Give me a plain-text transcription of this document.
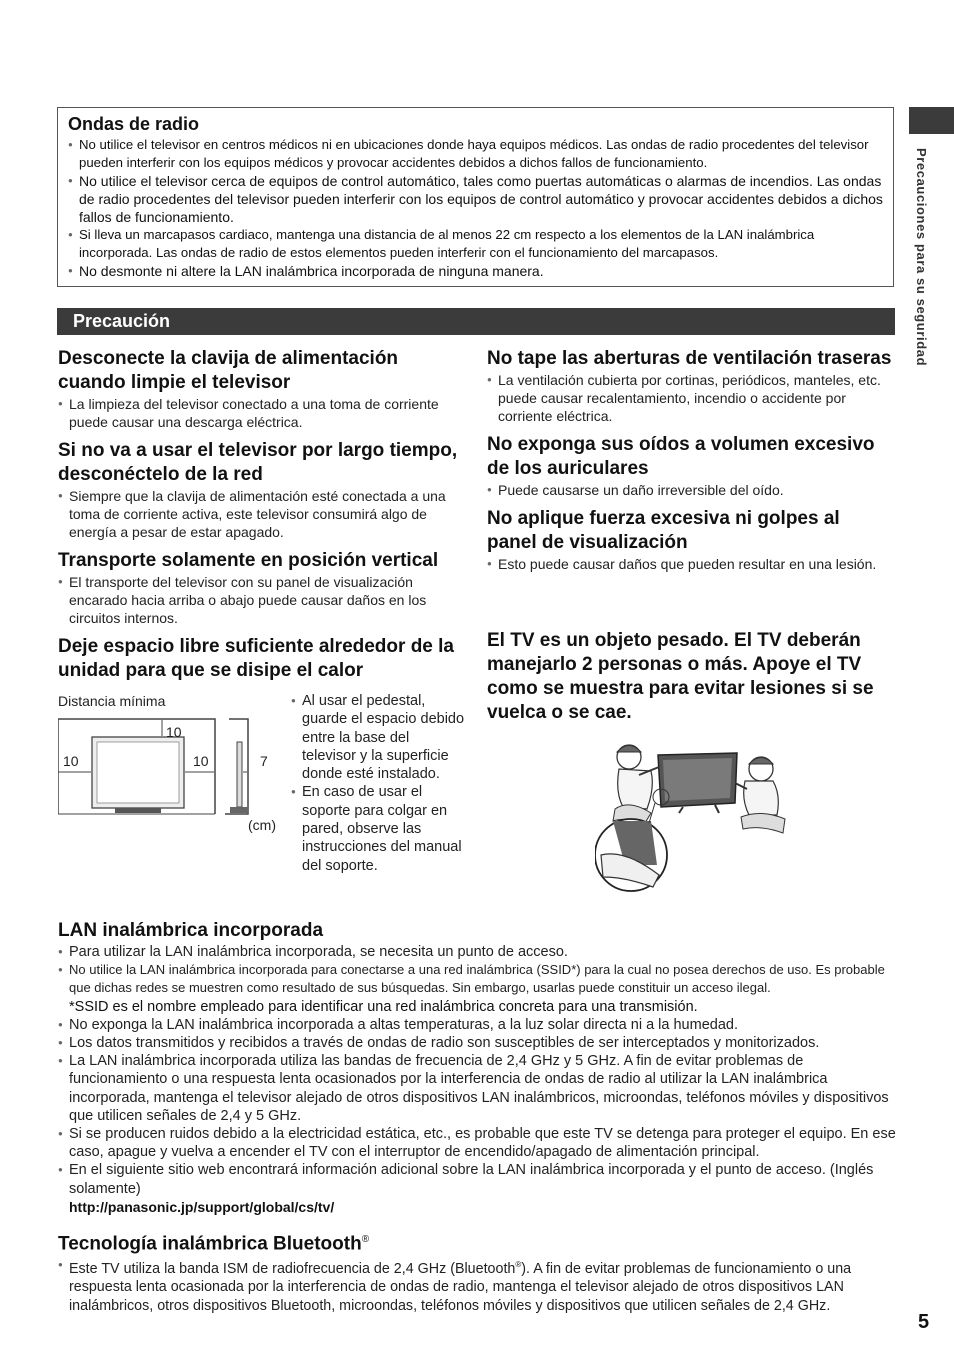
Precauciones para su seguridad
Ondas de radio
● No utilice el televisor en centros médicos ni en ubicaciones donde haya equipos médicos. Las ondas de radio procedentes del televisor pueden interferir con los equipos médicos y provocar accidentes debidos a dichos fallos de funcionamiento.
● No utilice el televisor cerca de equipos de control automático, tales como puertas automáticas o alarmas de incendios. Las ondas de radio procedentes del televisor pueden interferir con los equipos de control automático y provocar accidentes debidos a dichos fallos de funcionamiento.
● Si lleva un marcapasos cardiaco, mantenga una distancia de al menos 22 cm respecto a los elementos de la LAN inalámbrica incorporada. Las ondas de radio de estos elementos pueden interferir con el funcionamiento del marcapasos.
● No desmonte ni altere la LAN inalámbrica incorporada de ninguna manera.
Precaución
Desconecte la clavija de alimentación cuando limpie el televisor
● La limpieza del televisor conectado a una toma de corriente puede causar una descarga eléctrica.
Si no va a usar el televisor por largo tiempo, desconéctelo de la red
● Siempre que la clavija de alimentación esté conectada a una toma de corriente activa, este televisor consumirá algo de energía a pesar de estar apagado.
Transporte solamente en posición vertical
● El transporte del televisor con su panel de visualización encarado hacia arriba o abajo puede causar daños en los circuitos internos.
Deje espacio libre suficiente alrededor de la unidad para que se disipe el calor
Distancia mínima
10
10	10	7
(cm)
● Al usar el pedestal, guarde el espacio debido entre la base del televisor y la superficie donde esté instalado.
● En caso de usar el soporte para colgar en pared, observe las instrucciones del manual del soporte.
No tape las aberturas de ventilación traseras
● La ventilación cubierta por cortinas, periódicos, manteles, etc. puede causar recalentamiento, incendio o accidente por corriente eléctrica.
No exponga sus oídos a volumen excesivo de los auriculares
● Puede causarse un daño irreversible del oído.
No aplique fuerza excesiva ni golpes al panel de visualización
● Esto puede causar daños que pueden resultar en una lesión.
El TV es un objeto pesado. El TV deberán manejarlo 2 personas o más. Apoye el TV como se muestra para evitar lesiones si se vuelca o se cae.
LAN inalámbrica incorporada
● Para utilizar la LAN inalámbrica incorporada, se necesita un punto de acceso.
● No utilice la LAN inalámbrica incorporada para conectarse a una red inalámbrica (SSID*) para la cual no posea derechos de uso. Es probable que dichas redes se muestren como resultado de sus búsquedas. Sin embargo, usarlas puede constituir un acceso ilegal.
*SSID es el nombre empleado para identificar una red inalámbrica concreta para una transmisión.
● No exponga la LAN inalámbrica incorporada a altas temperaturas, a la luz solar directa ni a la humedad.
● Los datos transmitidos y recibidos a través de ondas de radio son susceptibles de ser interceptados y monitorizados.
● La LAN inalámbrica incorporada utiliza las bandas de frecuencia de 2,4 GHz y 5 GHz. A fin de evitar problemas de funcionamiento o una respuesta lenta ocasionados por la interferencia de ondas de radio al utilizar la LAN inalámbrica incorporada, mantenga el televisor alejado de otros dispositivos LAN inalámbricos, microondas, teléfonos móviles y dispositivos que utilicen señales de 2,4 y 5 GHz.
● Si se producen ruidos debido a la electricidad estática, etc., es probable que este TV se detenga para proteger el equipo. En ese caso, apague y vuelva a encender el TV con el interruptor de encendido/apagado de alimentación principal.
● En el siguiente sitio web encontrará información adicional sobre la LAN inalámbrica incorporada y el punto de acceso. (Inglés solamente)
http://panasonic.jp/support/global/cs/tv/
Tecnología inalámbrica Bluetooth®
● Este TV utiliza la banda ISM de radiofrecuencia de 2,4 GHz (Bluetooth®). A fin de evitar problemas de funcionamiento o una respuesta lenta ocasionada por la interferencia de ondas de radio, mantenga el televisor alejado de otros dispositivos LAN inalámbricos, otros dispositivos Bluetooth, microondas, teléfonos móviles y dispositivos que utilicen señales de 2,4 GHz.
5
